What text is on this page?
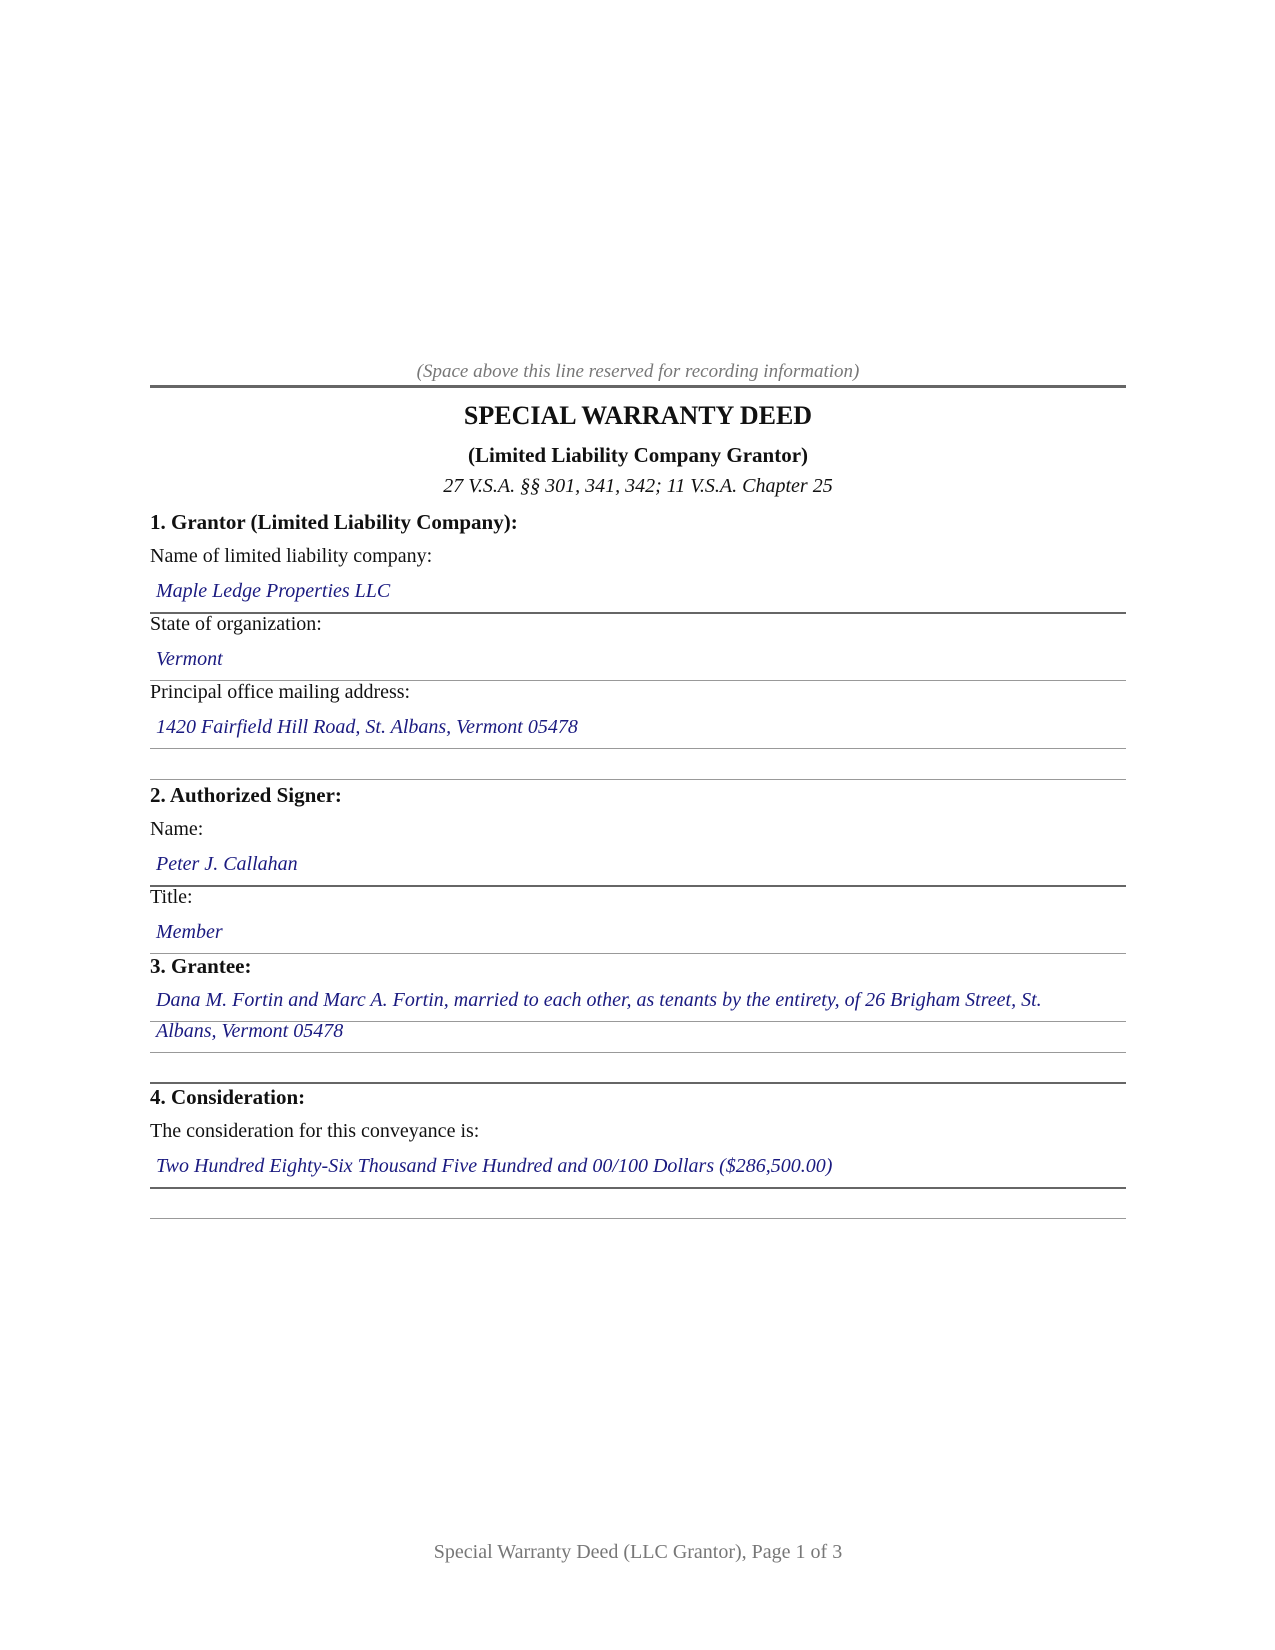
(Space above this line reserved for recording information)
SPECIAL WARRANTY DEED
(Limited Liability Company Grantor)
27 V.S.A. §§ 301, 341, 342; 11 V.S.A. Chapter 25
1. Grantor (Limited Liability Company):
Name of limited liability company:
Maple Ledge Properties LLC
State of organization:
Vermont
Principal office mailing address:
1420 Fairfield Hill Road, St. Albans, Vermont 05478
2. Authorized Signer:
Name:
Peter J. Callahan
Title:
Member
3. Grantee:
Dana M. Fortin and Marc A. Fortin, married to each other, as tenants by the entirety, of 26 Brigham Street, St.
Albans, Vermont 05478
4. Consideration:
The consideration for this conveyance is:
Two Hundred Eighty-Six Thousand Five Hundred and 00/100 Dollars ($286,500.00)
Special Warranty Deed (LLC Grantor), Page 1 of 3
